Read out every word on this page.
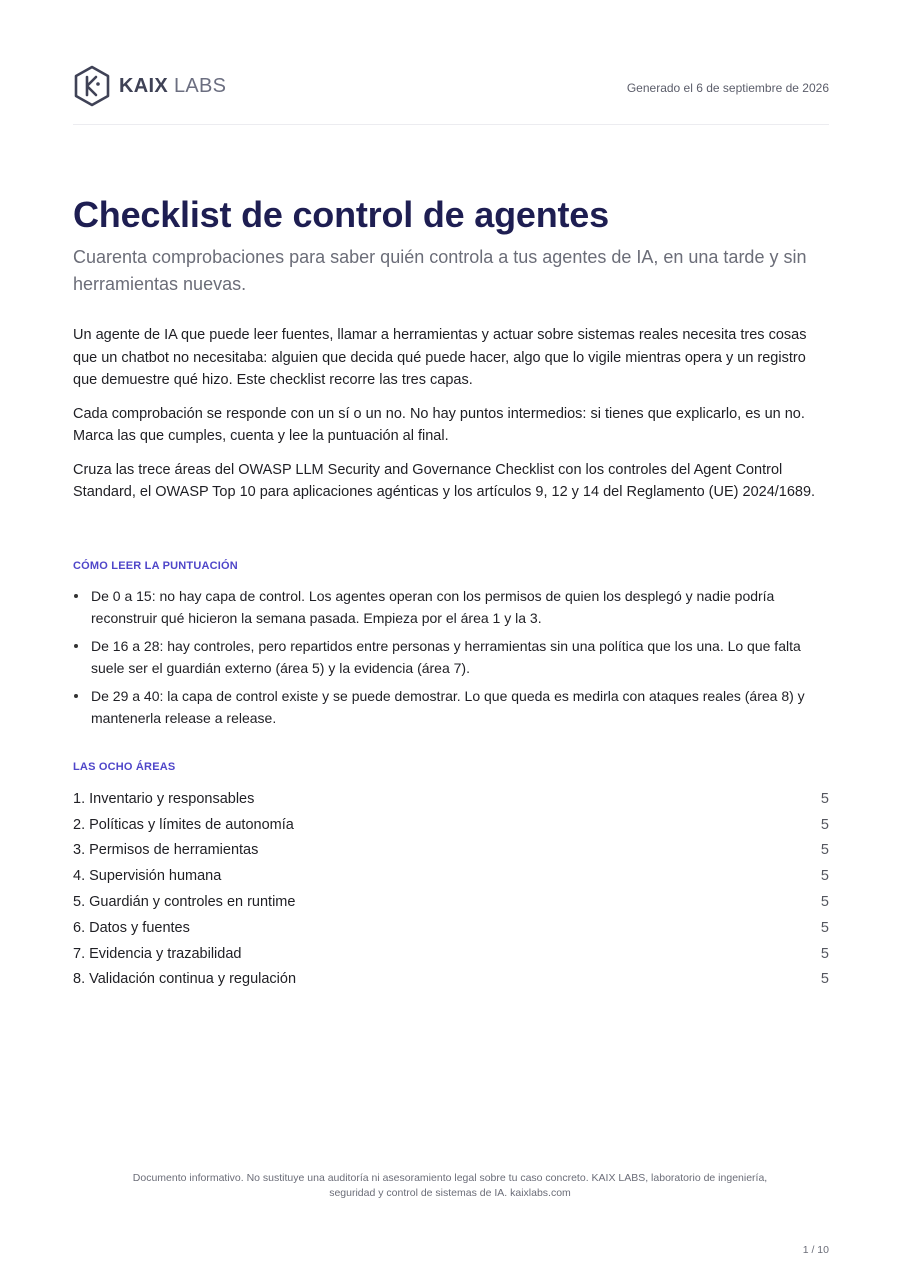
KAIX LABS	Generado el 6 de septiembre de 2026
Checklist de control de agentes

Cuarenta comprobaciones para saber quién controla a tus agentes de IA, en una tarde y sin herramientas nuevas.

Un agente de IA que puede leer fuentes, llamar a herramientas y actuar sobre sistemas reales necesita tres cosas que un chatbot no necesitaba: alguien que decida qué puede hacer, algo que lo vigile mientras opera y un registro que demuestre qué hizo. Este checklist recorre las tres capas.

Cada comprobación se responde con un sí o un no. No hay puntos intermedios: si tienes que explicarlo, es un no. Marca las que cumples, cuenta y lee la puntuación al final.

Cruza las trece áreas del OWASP LLM Security and Governance Checklist con los controles del Agent Control Standard, el OWASP Top 10 para aplicaciones agénticas y los artículos 9, 12 y 14 del Reglamento (UE) 2024/1689.

CÓMO LEER LA PUNTUACIÓN
De 0 a 15: no hay capa de control. Los agentes operan con los permisos de quien los desplegó y nadie podría reconstruir qué hicieron la semana pasada. Empieza por el área 1 y la 3.
De 16 a 28: hay controles, pero repartidos entre personas y herramientas sin una política que los una. Lo que falta suele ser el guardián externo (área 5) y la evidencia (área 7).
De 29 a 40: la capa de control existe y se puede demostrar. Lo que queda es medirla con ataques reales (área 8) y mantenerla release a release.
LAS OCHO ÁREAS
1. Inventario y responsables	5
2. Políticas y límites de autonomía	5
3. Permisos de herramientas	5
4. Supervisión humana	5
5. Guardián y controles en runtime	5
6. Datos y fuentes	5
7. Evidencia y trazabilidad	5
8. Validación continua y regulación	5
Documento informativo. No sustituye una auditoría ni asesoramiento legal sobre tu caso concreto. KAIX LABS, laboratorio de ingeniería, seguridad y control de sistemas de IA. kaixlabs.com
1 / 10
